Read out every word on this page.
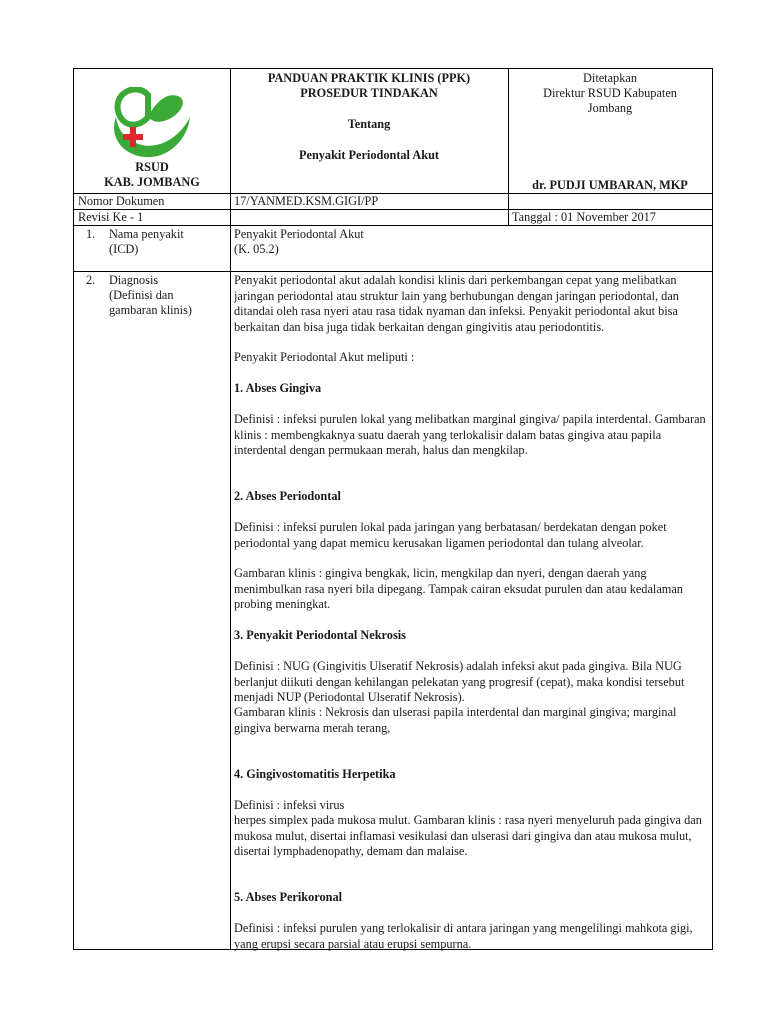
RSUD
KAB. JOMBANG
PANDUAN PRAKTIK KLINIS (PPK)
PROSEDUR TINDAKAN
Tentang
Penyakit Periodontal Akut
Ditetapkan
Direktur RSUD Kabupaten
Jombang
dr. PUDJI UMBARAN, MKP
Nomor Dokumen	17/YANMED.KSM.GIGI/PP
Revisi Ke - 1	Tanggal : 01 November 2017
1. Nama penyakit
(ICD)
Penyakit Periodontal Akut
(K. 05.2)
2. Diagnosis
(Definisi dan
gambaran klinis)
Penyakit periodontal akut adalah kondisi klinis dari perkembangan cepat yang melibatkan jaringan periodontal atau struktur lain yang berhubungan dengan jaringan periodontal, dan ditandai oleh rasa nyeri atau rasa tidak nyaman dan infeksi. Penyakit periodontal akut bisa berkaitan dan bisa juga tidak berkaitan dengan gingivitis atau periodontitis.
Penyakit Periodontal Akut meliputi :
1. Abses Gingiva
Definisi : infeksi purulen lokal yang melibatkan marginal gingiva/ papila interdental. Gambaran klinis : membengkaknya suatu daerah yang terlokalisir dalam batas gingiva atau papila interdental dengan permukaan merah, halus dan mengkilap.
2. Abses Periodontal
Definisi : infeksi purulen lokal pada jaringan yang berbatasan/ berdekatan dengan poket periodontal yang dapat memicu kerusakan ligamen periodontal dan tulang alveolar.
Gambaran klinis : gingiva bengkak, licin, mengkilap dan nyeri, dengan daerah yang menimbulkan rasa nyeri bila dipegang. Tampak cairan eksudat purulen dan atau kedalaman probing meningkat.
3. Penyakit Periodontal Nekrosis
Definisi : NUG (Gingivitis Ulseratif Nekrosis) adalah infeksi akut pada gingiva. Bila NUG berlanjut diikuti dengan kehilangan pelekatan yang progresif (cepat), maka kondisi tersebut menjadi NUP (Periodontal Ulseratif Nekrosis).
Gambaran klinis : Nekrosis dan ulserasi papila interdental dan marginal gingiva; marginal gingiva berwarna merah terang,
4. Gingivostomatitis Herpetika
Definisi : infeksi virus
herpes simplex pada mukosa mulut. Gambaran klinis : rasa nyeri menyeluruh pada gingiva dan mukosa mulut, disertai inflamasi vesikulasi dan ulserasi dari gingiva dan atau mukosa mulut, disertai lymphadenopathy, demam dan malaise.
5. Abses Perikoronal
Definisi : infeksi purulen yang terlokalisir di antara jaringan yang mengelilingi mahkota gigi, yang erupsi secara parsial atau erupsi sempurna.
